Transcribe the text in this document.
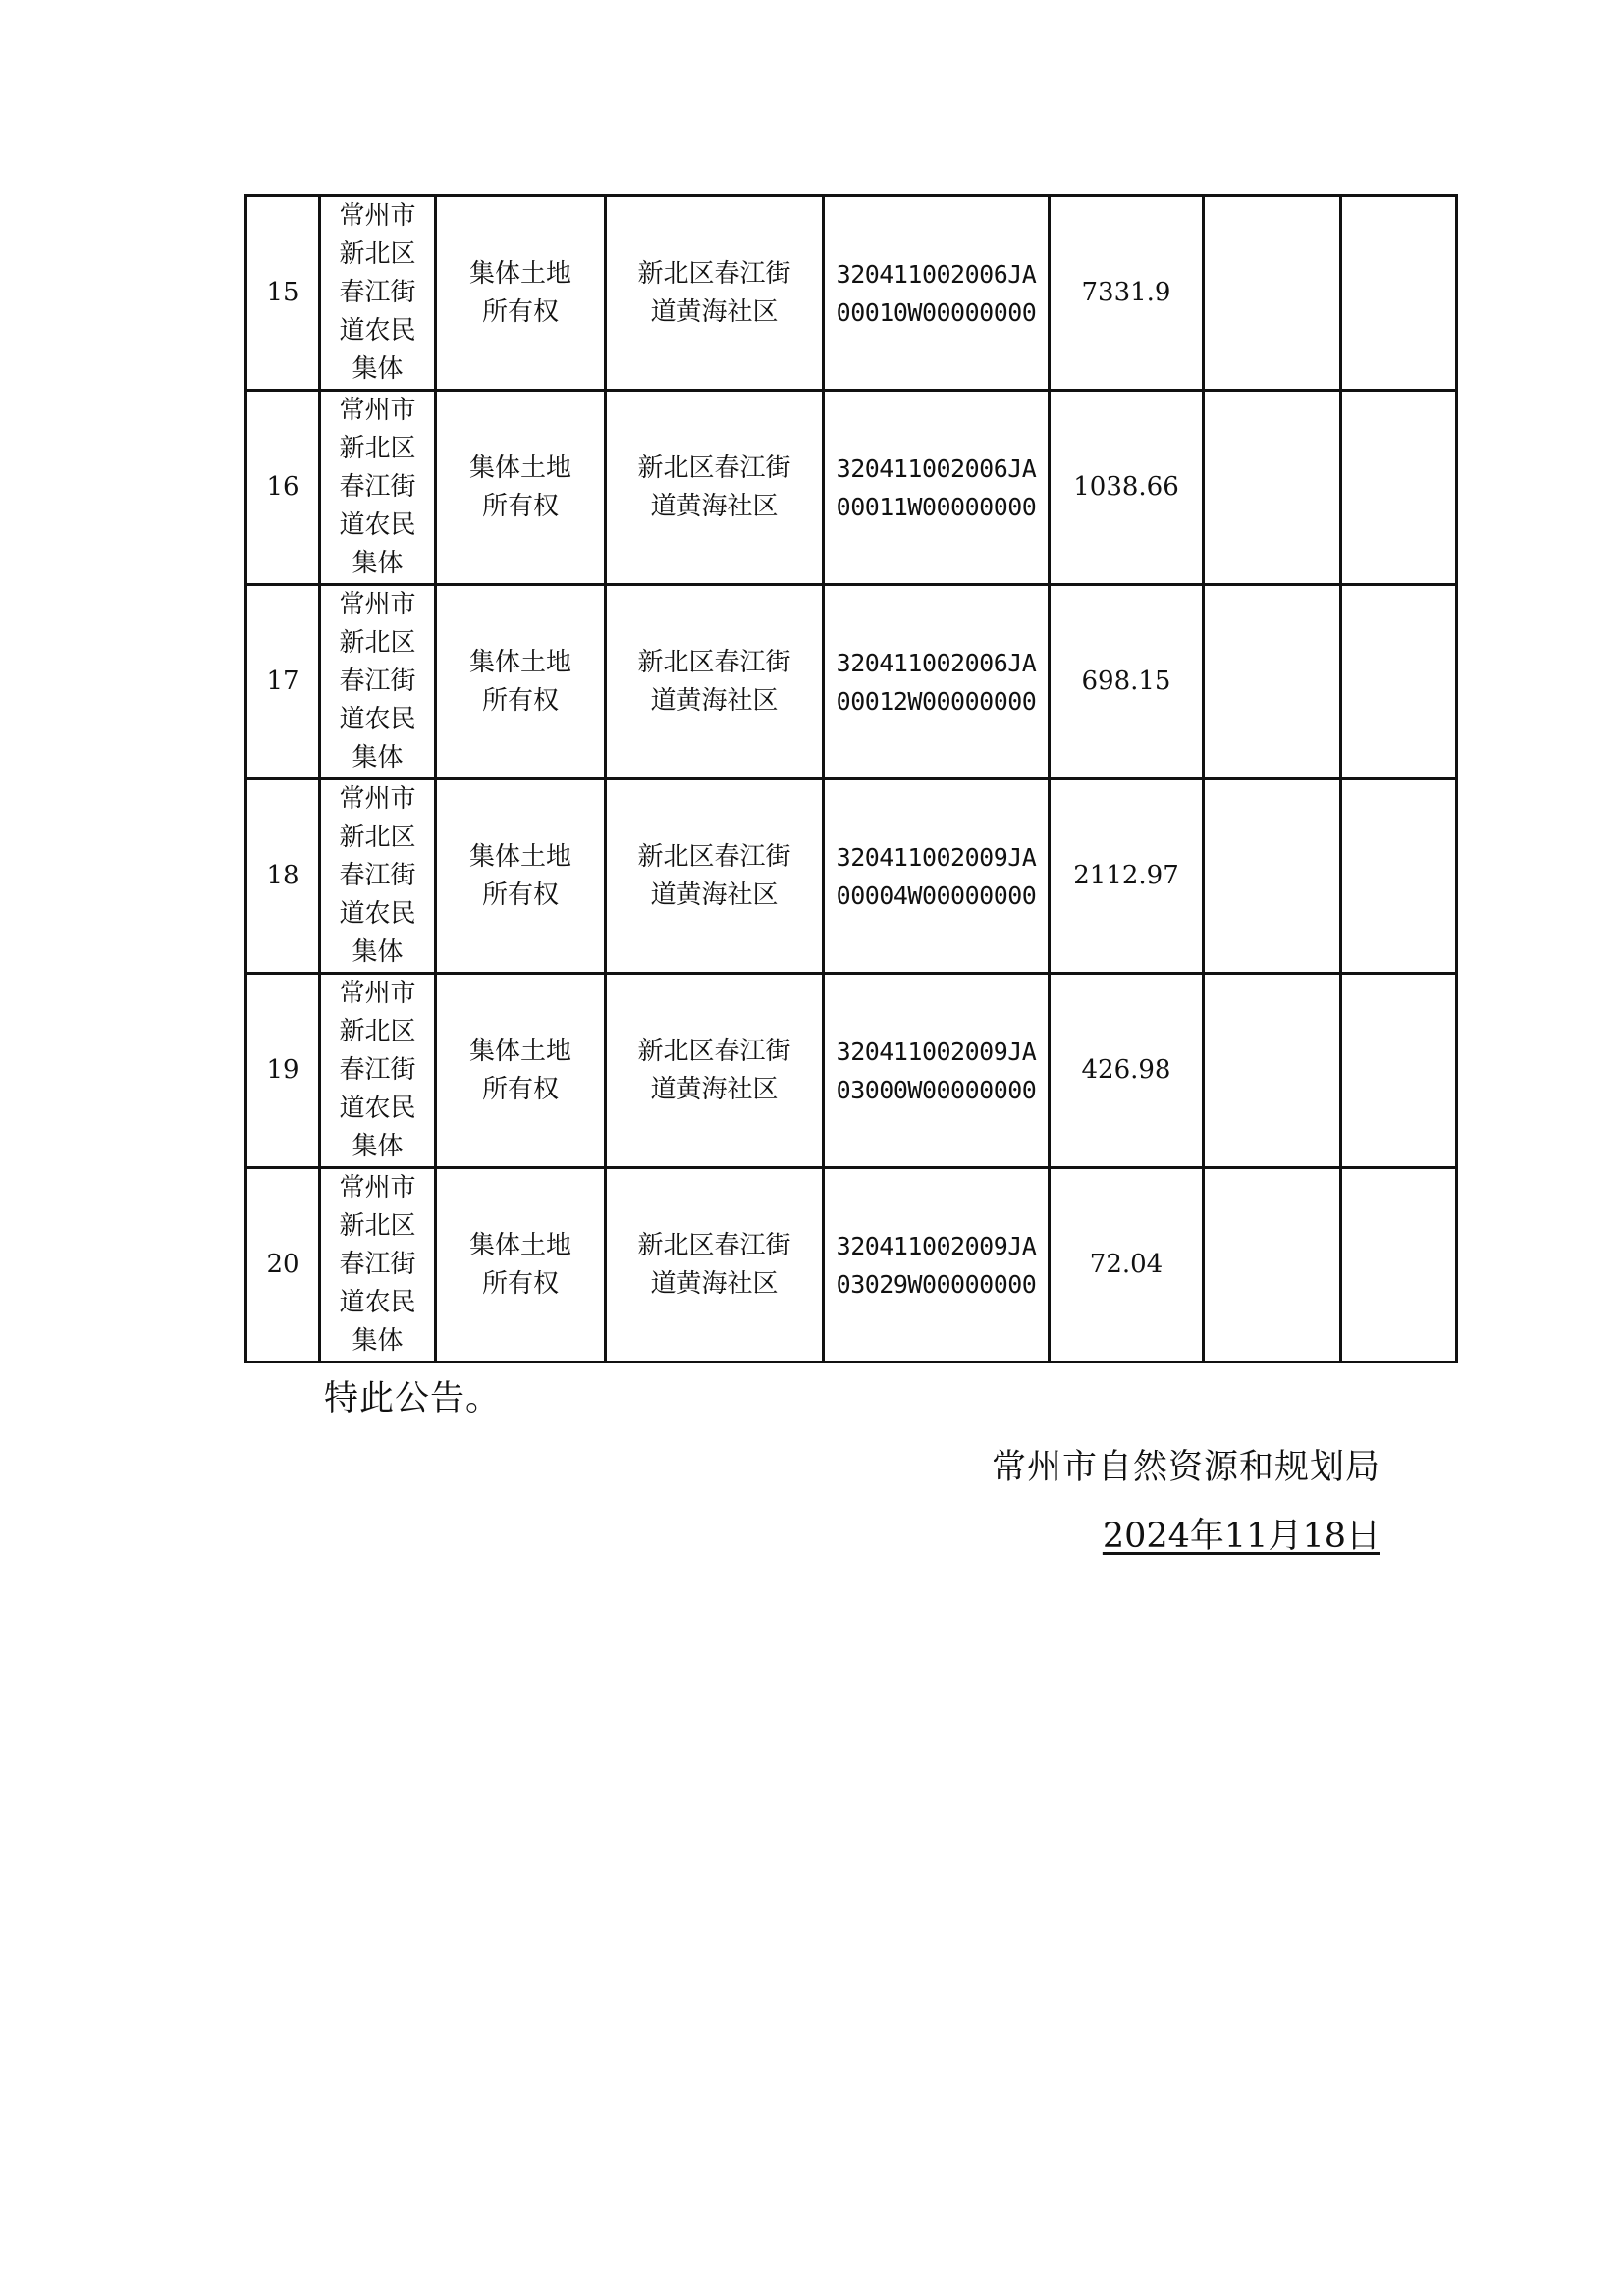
15	常州市新北区春江街道农民集体	集体土地所有权	新北区春江街道黄海社区	320411002006JA00010W00000000	7331.9		
16	常州市新北区春江街道农民集体	集体土地所有权	新北区春江街道黄海社区	320411002006JA00011W00000000	1038.66		
17	常州市新北区春江街道农民集体	集体土地所有权	新北区春江街道黄海社区	320411002006JA00012W00000000	698.15		
18	常州市新北区春江街道农民集体	集体土地所有权	新北区春江街道黄海社区	320411002009JA00004W00000000	2112.97		
19	常州市新北区春江街道农民集体	集体土地所有权	新北区春江街道黄海社区	320411002009JA03000W00000000	426.98		
20	常州市新北区春江街道农民集体	集体土地所有权	新北区春江街道黄海社区	320411002009JA03029W00000000	72.04		
特此公告。
常州市自然资源和规划局
2024年11月18日
